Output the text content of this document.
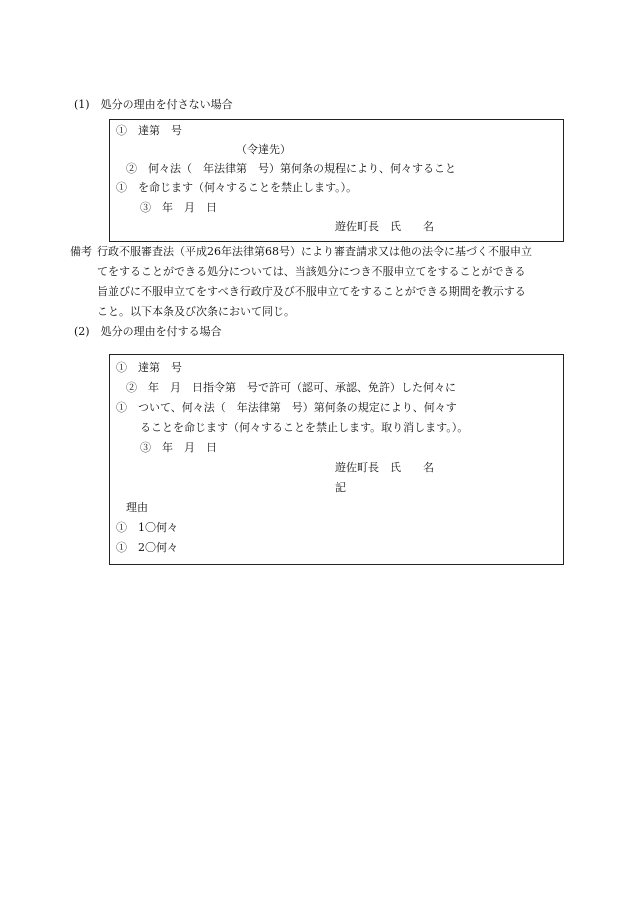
(1)　処分の理由を付さない場合
①　達第　号
（令達先）
②　何々法（　年法律第　号）第何条の規程により、何々すること
①　を命じます（何々することを禁止します。）。
③　年　月　日
遊佐町長　氏　　名
備考 行政不服審査法（平成26年法律第68号）により審査請求又は他の法令に基づく不服申立
てをすることができる処分については、当該処分につき不服申立てをすることができる
旨並びに不服申立てをすべき行政庁及び不服申立てをすることができる期間を教示する
こと。以下本条及び次条において同じ。
(2)　処分の理由を付する場合
①　達第　号
②　年　月　日指令第　号で許可（認可、承認、免許）した何々に
①　ついて、何々法（　年法律第　号）第何条の規定により、何々す
ることを命じます（何々することを禁止します。取り消します。）。
③　年　月　日
遊佐町長　氏　　名
記
理由
①　1〇何々
①　2〇何々
